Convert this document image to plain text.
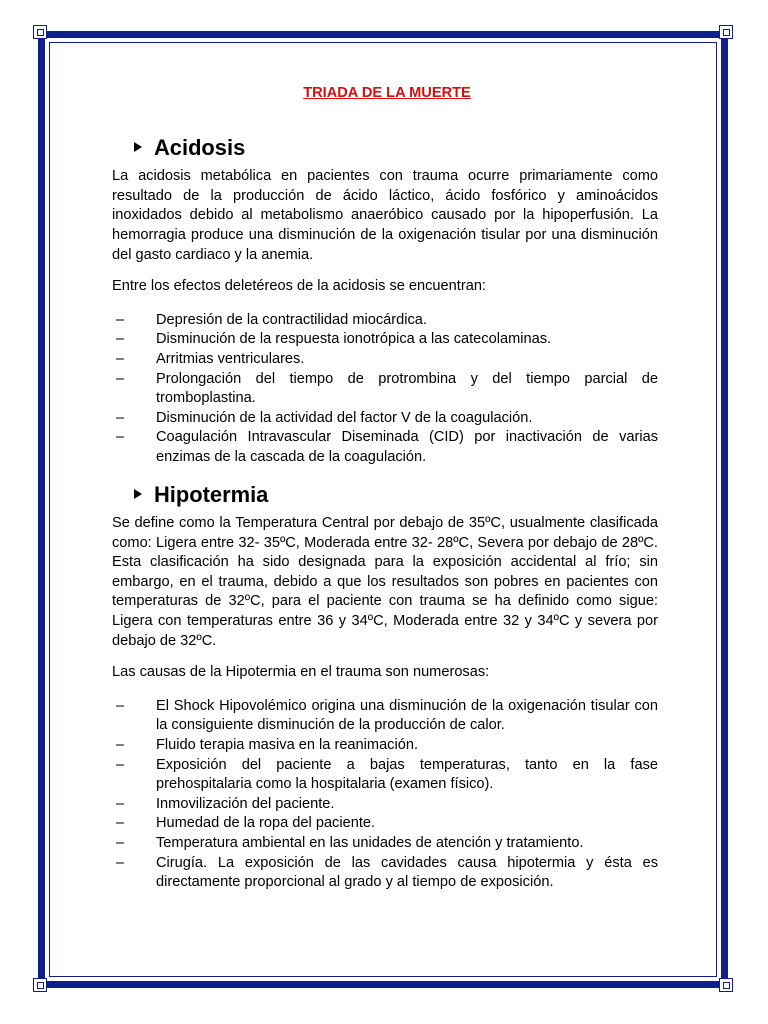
TRIADA DE LA MUERTE
Acidosis

La acidosis metabólica en pacientes con trauma ocurre primariamente como resultado de la producción de ácido láctico, ácido fosfórico y aminoácidos inoxidados debido al metabolismo anaeróbico causado por la hipoperfusión. La hemorragia produce una disminución de la oxigenación tisular por una disminución del gasto cardiaco y la anemia.

Entre los efectos deletéreos de la acidosis se encuentran:

–	Depresión de la contractilidad miocárdica.
–	Disminución de la respuesta ionotrópica a las catecolaminas.
–	Arritmias ventriculares.
–	Prolongación del tiempo de protrombina y del tiempo parcial de tromboplastina.
–	Disminución de la actividad del factor V de la coagulación.
–	Coagulación Intravascular Diseminada (CID) por inactivación de varias enzimas de la cascada de la coagulación.
Hipotermia

Se define como la Temperatura Central por debajo de 35ºC, usualmente clasificada como: Ligera entre 32- 35ºC, Moderada entre 32- 28ºC, Severa por debajo de 28ºC. Esta clasificación ha sido designada para la exposición accidental al frío; sin embargo, en el trauma, debido a que los resultados son pobres en pacientes con temperaturas de 32ºC, para el paciente con trauma se ha definido como sigue: Ligera con temperaturas entre 36 y 34ºC, Moderada entre 32 y 34ºC y severa por debajo de 32ºC.

Las causas de la Hipotermia en el trauma son numerosas:

–	El Shock Hipovolémico origina una disminución de la oxigenación tisular con la consiguiente disminución de la producción de calor.
–	Fluido terapia masiva en la reanimación.
–	Exposición del paciente a bajas temperaturas, tanto en la fase prehospitalaria como la hospitalaria (examen físico).
–	Inmovilización del paciente.
–	Humedad de la ropa del paciente.
–	Temperatura ambiental en las unidades de atención y tratamiento.
–	Cirugía. La exposición de las cavidades causa hipotermia y ésta es directamente proporcional al grado y al tiempo de exposición.
